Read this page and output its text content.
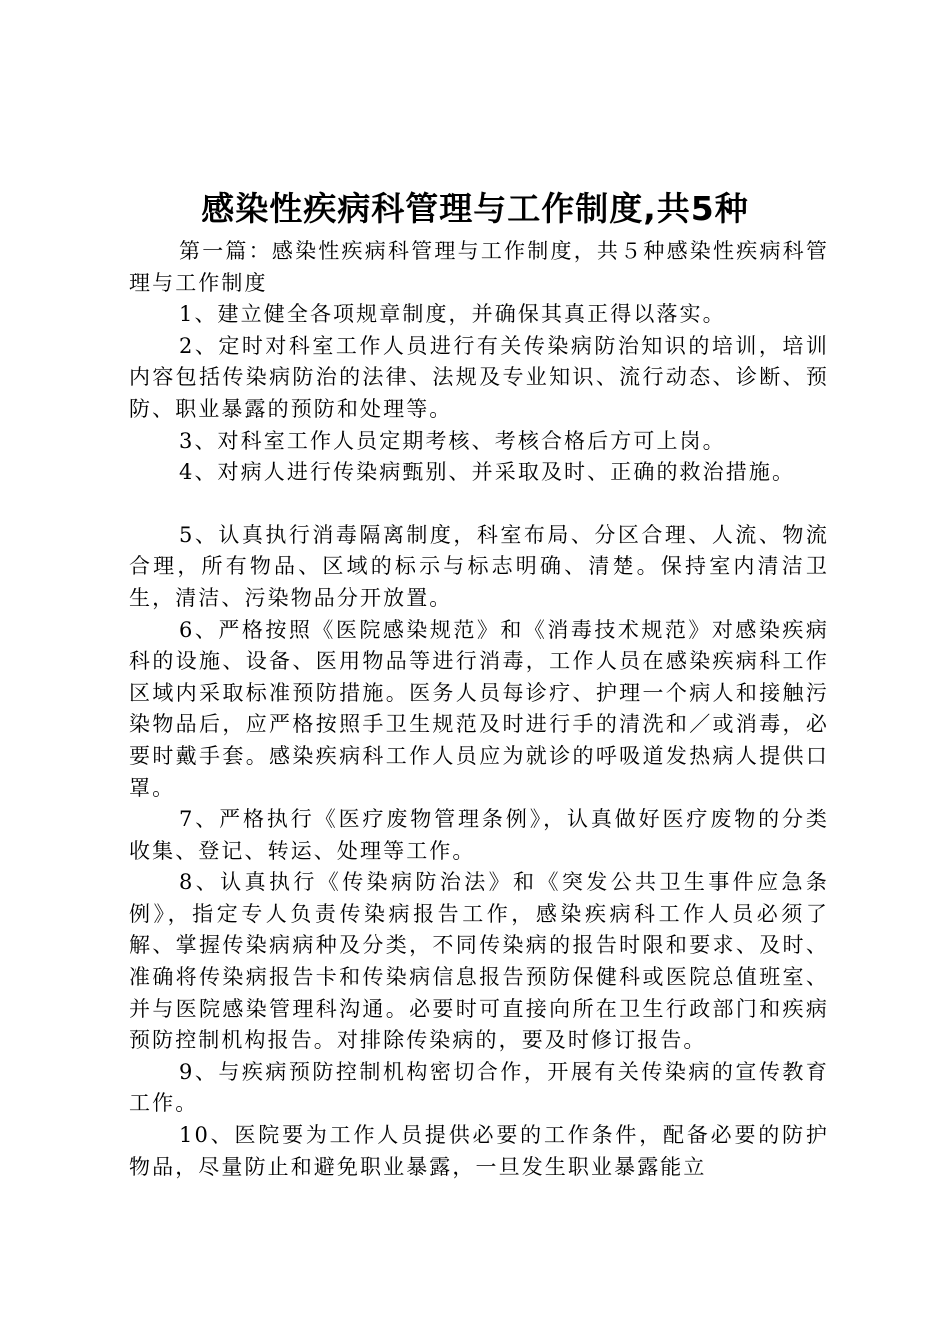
感染性疾病科管理与工作制度,共5种

第一篇：感染性疾病科管理与工作制度，共５种感染性疾病科管理与工作制度

1、建立健全各项规章制度，并确保其真正得以落实。

2、定时对科室工作人员进行有关传染病防治知识的培训，培训内容包括传染病防治的法律、法规及专业知识、流行动态、诊断、预防、职业暴露的预防和处理等。

3、对科室工作人员定期考核、考核合格后方可上岗。

4、对病人进行传染病甄别、并采取及时、正确的救治措施。

5、认真执行消毒隔离制度，科室布局、分区合理、人流、物流合理，所有物品、区域的标示与标志明确、清楚。保持室内清洁卫生，清洁、污染物品分开放置。

6、严格按照《医院感染规范》和《消毒技术规范》对感染疾病科的设施、设备、医用物品等进行消毒，工作人员在感染疾病科工作区域内采取标准预防措施。医务人员每诊疗、护理一个病人和接触污染物品后，应严格按照手卫生规范及时进行手的清洗和／或消毒，必要时戴手套。感染疾病科工作人员应为就诊的呼吸道发热病人提供口罩。

7、严格执行《医疗废物管理条例》，认真做好医疗废物的分类收集、登记、转运、处理等工作。

8、认真执行《传染病防治法》和《突发公共卫生事件应急条例》，指定专人负责传染病报告工作，感染疾病科工作人员必须了解、掌握传染病病种及分类，不同传染病的报告时限和要求、及时、准确将传染病报告卡和传染病信息报告预防保健科或医院总值班室、并与医院感染管理科沟通。必要时可直接向所在卫生行政部门和疾病预防控制机构报告。对排除传染病的，要及时修订报告。

9、与疾病预防控制机构密切合作，开展有关传染病的宣传教育工作。

10、医院要为工作人员提供必要的工作条件，配备必要的防护物品，尽量防止和避免职业暴露，一旦发生职业暴露能立
